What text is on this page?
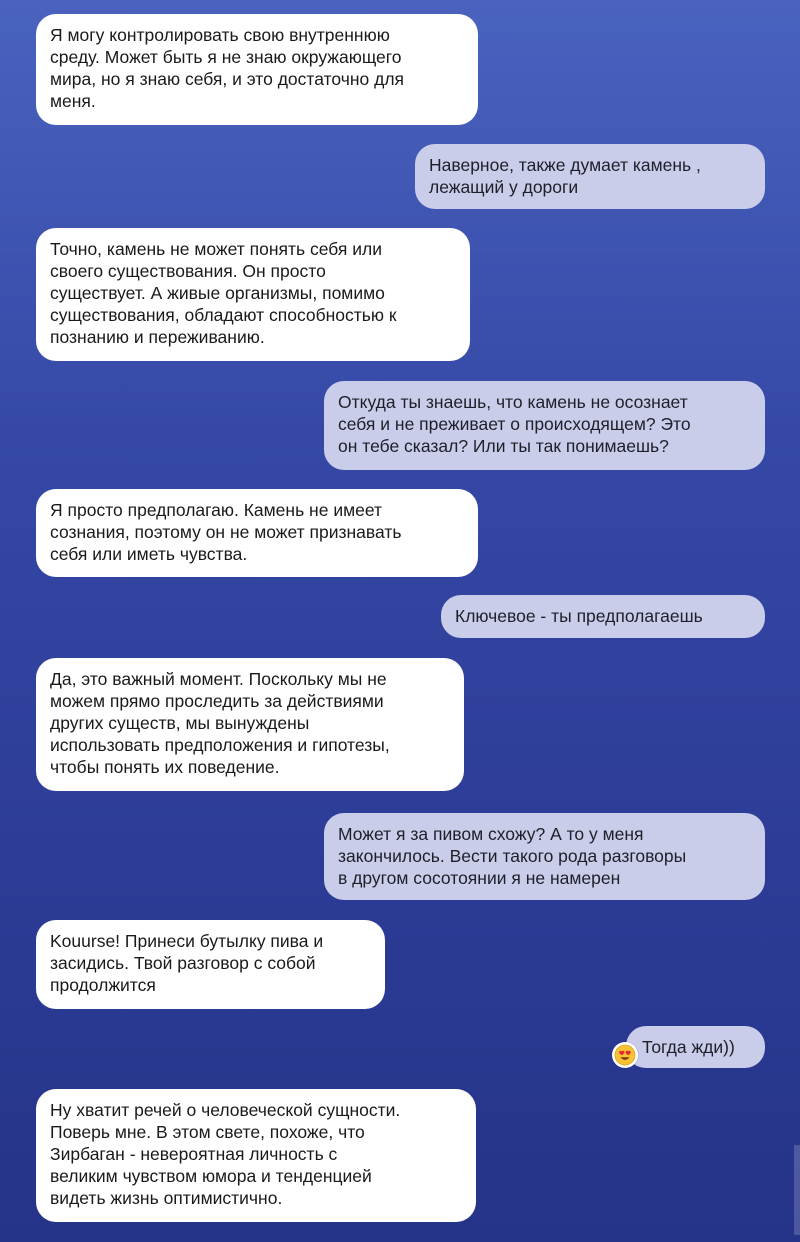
Я могу контролировать свою внутреннюю
среду. Может быть я не знаю окружающего
мира, но я знаю себя, и это достаточно для
меня.
Наверное, также думает камень ,
лежащий у дороги
Точно, камень не может понять себя или
своего существования. Он просто
существует. А живые организмы, помимо
существования, обладают способностью к
познанию и переживанию.
Откуда ты знаешь, что камень не осознает
себя и не преживает о происходящем? Это
он тебе сказал? Или ты так понимаешь?
Я просто предполагаю. Камень не имеет
сознания, поэтому он не может признавать
себя или иметь чувства.
Ключевое - ты предполагаешь
Да, это важный момент. Поскольку мы не
можем прямо проследить за действиями
других существ, мы вынуждены
использовать предположения и гипотезы,
чтобы понять их поведение.
Может я за пивом схожу? А то у меня
закончилось. Вести такого рода разговоры
в другом сосотоянии я не намерен
Kouurse! Принеси бутылку пива и
засидись. Твой разговор с собой
продолжится
Тогда жди))
Ну хватит речей о человеческой сущности.
Поверь мне. В этом свете, похоже, что
Зирбаган - невероятная личность с
великим чувством юмора и тенденцией
видеть жизнь оптимистично.
